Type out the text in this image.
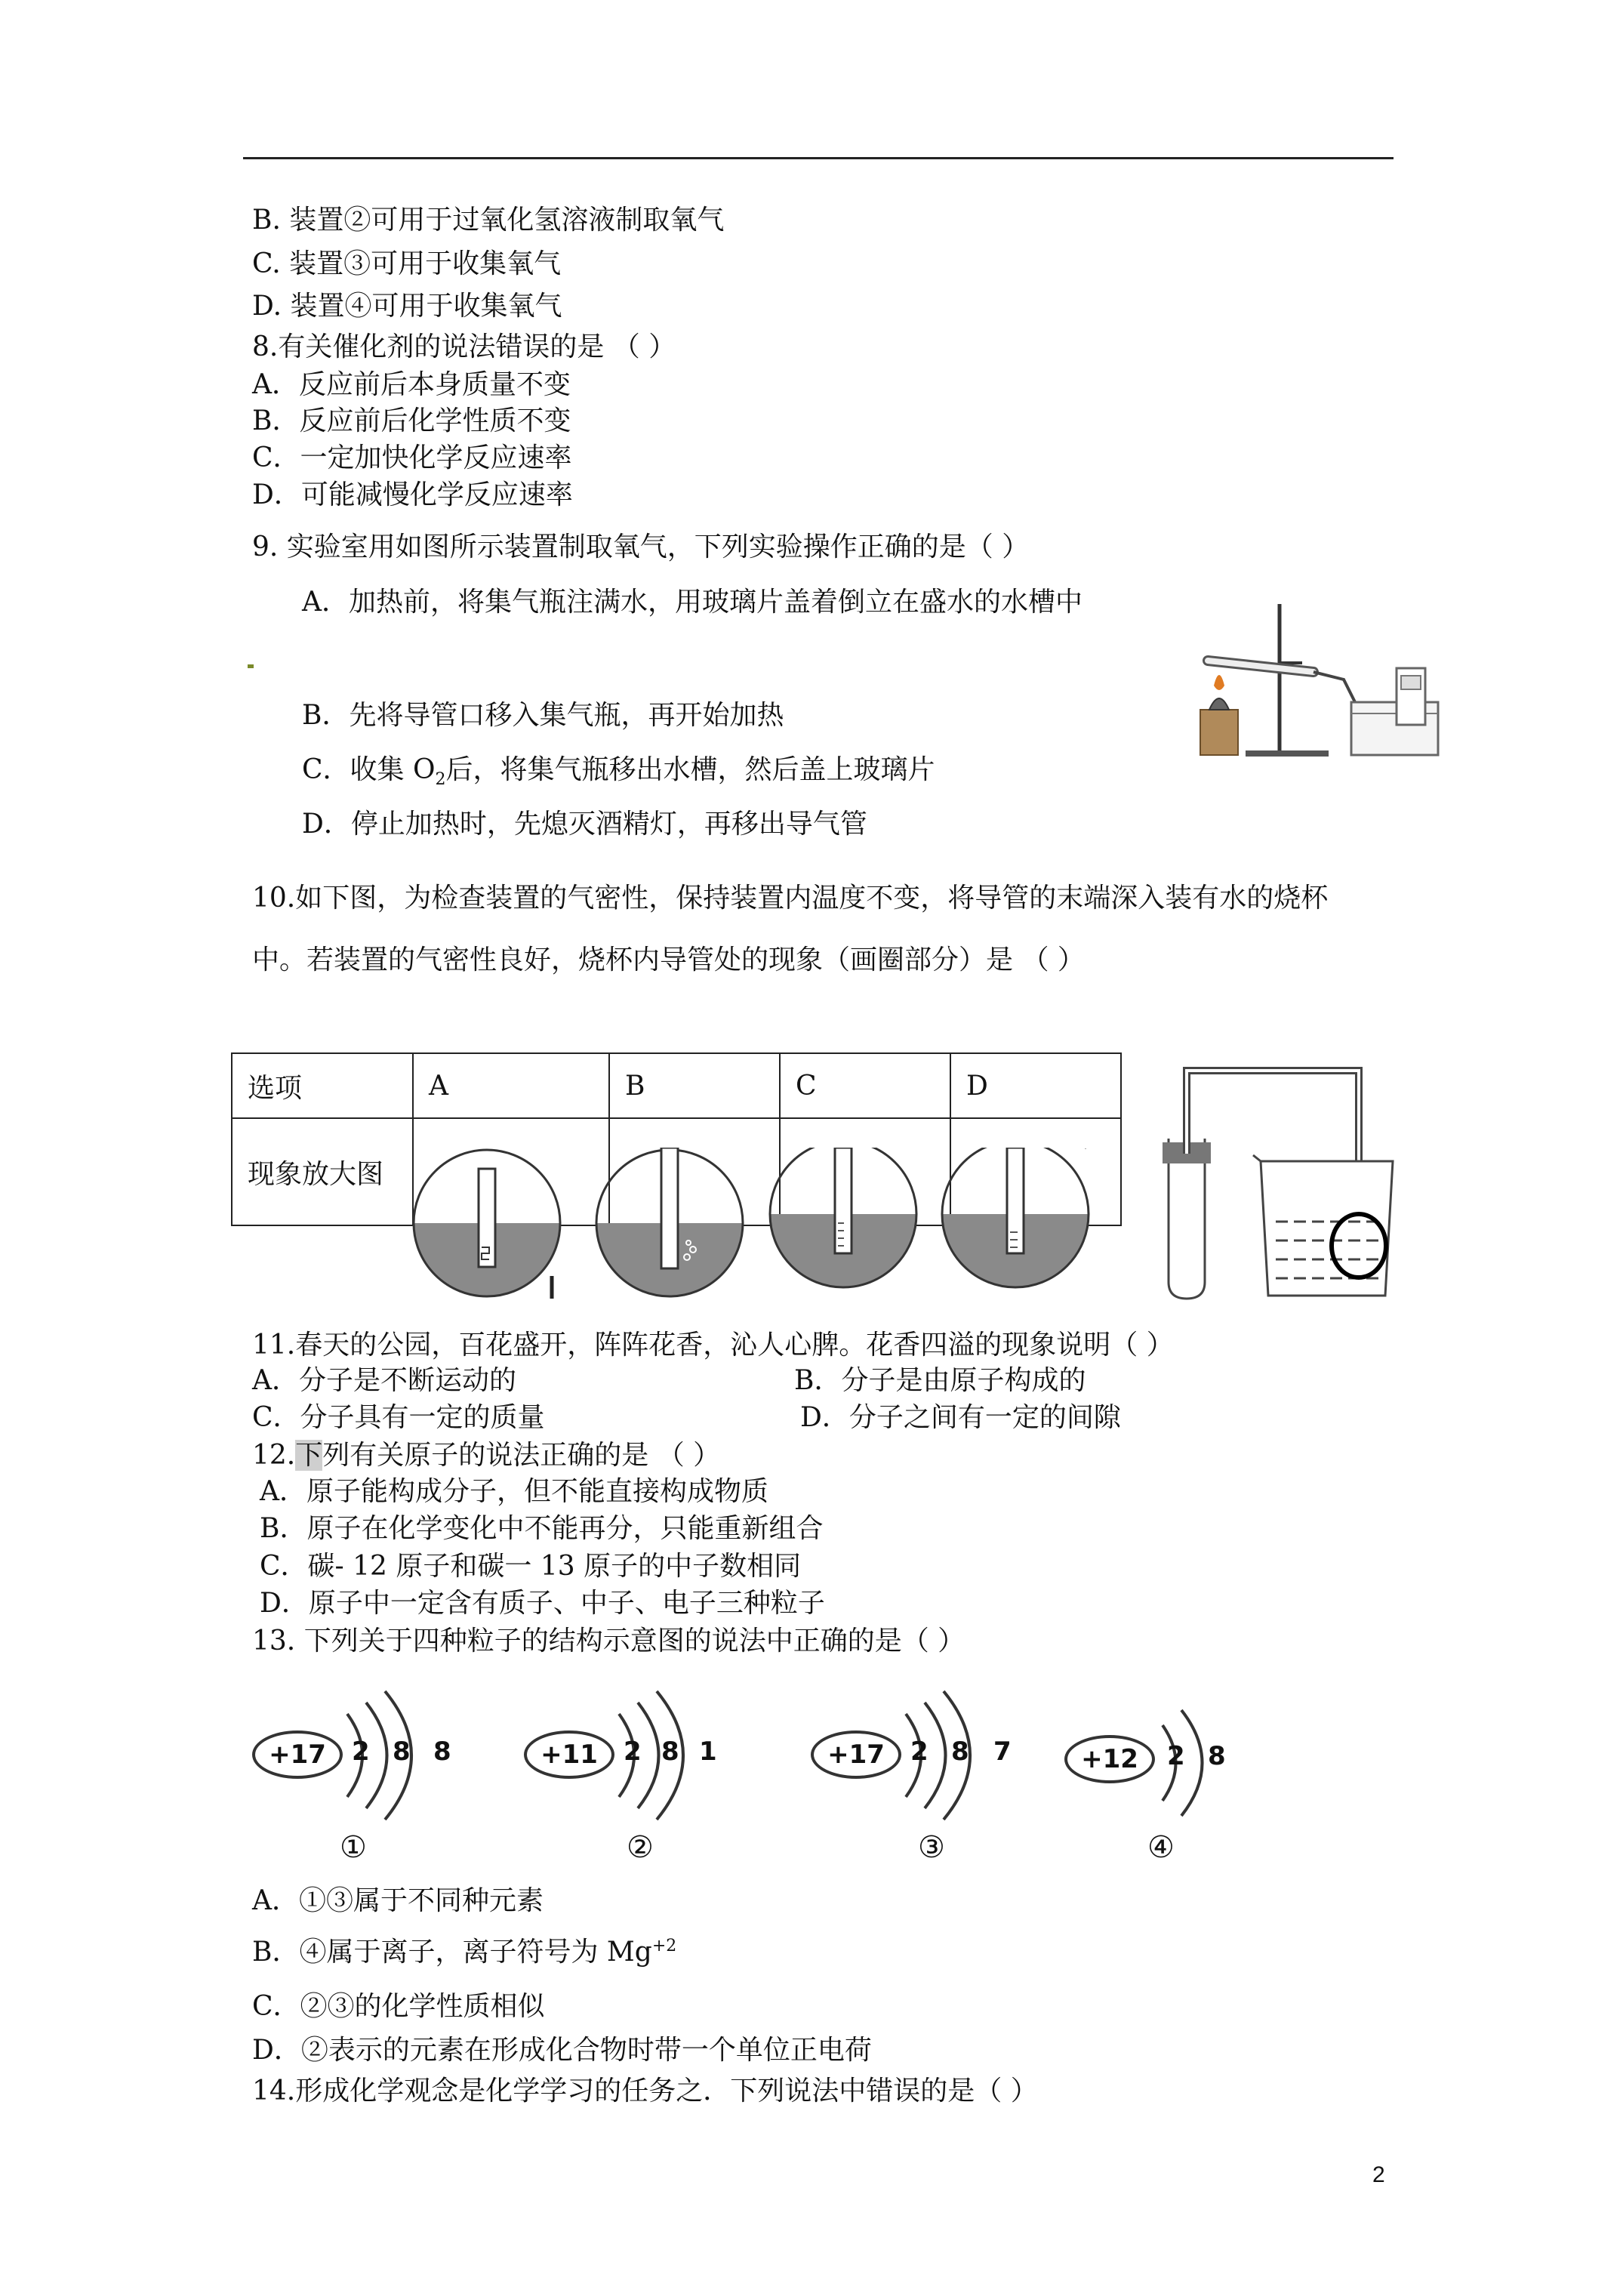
B. 装置②可用于过氧化氢溶液制取氧气
C. 装置③可用于收集氧气
D. 装置④可用于收集氧气
8.有关催化剂的说法错误的是 （ ）
A．反应前后本身质量不变
B．反应前后化学性质不变
C．一定加快化学反应速率
D．可能减慢化学反应速率
9. 实验室用如图所示装置制取氧气，下列实验操作正确的是（ ）
A．加热前，将集气瓶注满水，用玻璃片盖着倒立在盛水的水槽中
B．先将导管口移入集气瓶，再开始加热
C．收集 $O_2$后，将集气瓶移出水槽，然后盖上玻璃片
D．停止加热时，先熄灭酒精灯，再移出导气管
10.如下图，为检查装置的气密性，保持装置内温度不变，将导管的末端深入装有水的烧杯
中。若装置的气密性良好，烧杯内导管处的现象（画圈部分）是 （ ）
选项	A	B	C	D
现象放大图				
11.春天的公园，百花盛开，阵阵花香，沁人心脾。花香四溢的现象说明（ ）
A．分子是不断运动的	B．分子是由原子构成的
C．分子具有一定的质量	D．分子之间有一定的间隙
12.下列有关原子的说法正确的是 （ ）
A．原子能构成分子，但不能直接构成物质
B．原子在化学变化中不能再分，只能重新组合
C．碳- 12 原子和碳一 13 原子的中子数相同
D．原子中一定含有质子、中子、电子三种粒子
13. 下列关于四种粒子的结构示意图的说法中正确的是（ ）
+17	2 8 8
①
+11	2 8 1
②
+17	2 8 7
③
+12	2 8
④
A．①③属于不同种元素
B．④属于离子，离子符号为 $Mg^{+2}$
C．②③的化学性质相似
D．②表示的元素在形成化合物时带一个单位正电荷
14.形成化学观念是化学学习的任务之．下列说法中错误的是（ ）
2
